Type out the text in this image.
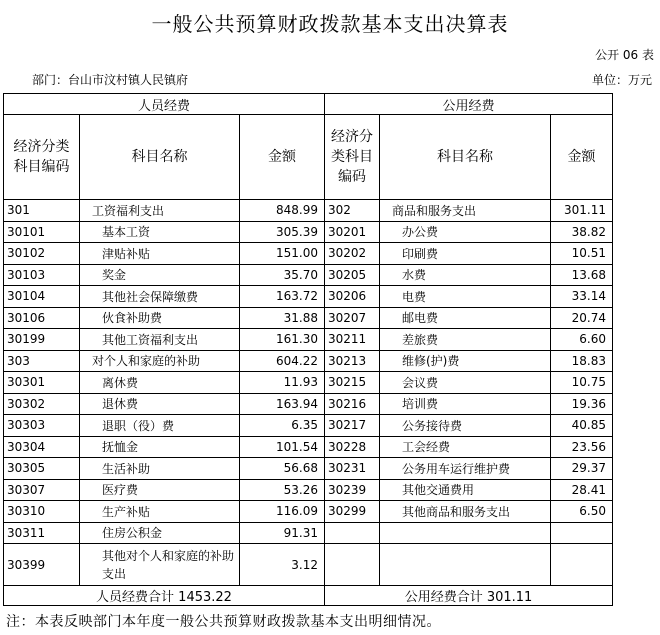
一般公共预算财政拨款基本支出决算表
公开 06 表
部门：台山市汶村镇人民镇府	单位：万元
人员经费			公用经费		
经济分类科目编码	科目名称	金额	经济分类科目编码	科目名称	金额
301	工资福利支出	848.99	302	商品和服务支出	301.11
30101	基本工资	305.39	30201	办公费	38.82
30102	津贴补贴	151.00	30202	印刷费	10.51
30103	奖金	35.70	30205	水费	13.68
30104	其他社会保障缴费	163.72	30206	电费	33.14
30106	伙食补助费	31.88	30207	邮电费	20.74
30199	其他工资福利支出	161.30	30211	差旅费	6.60
303	对个人和家庭的补助	604.22	30213	维修(护)费	18.83
30301	离休费	11.93	30215	会议费	10.75
30302	退休费	163.94	30216	培训费	19.36
30303	退职（役）费	6.35	30217	公务接待费	40.85
30304	抚恤金	101.54	30228	工会经费	23.56
30305	生活补助	56.68	30231	公务用车运行维护费	29.37
30307	医疗费	53.26	30239	其他交通费用	28.41
30310	生产补贴	116.09	30299	其他商品和服务支出	6.50
30311	住房公积金	91.31			
30399	其他对个人和家庭的补助支出	3.12			
人员经费合计 1453.22			公用经费合计 301.11		
注：本表反映部门本年度一般公共预算财政拨款基本支出明细情况。
